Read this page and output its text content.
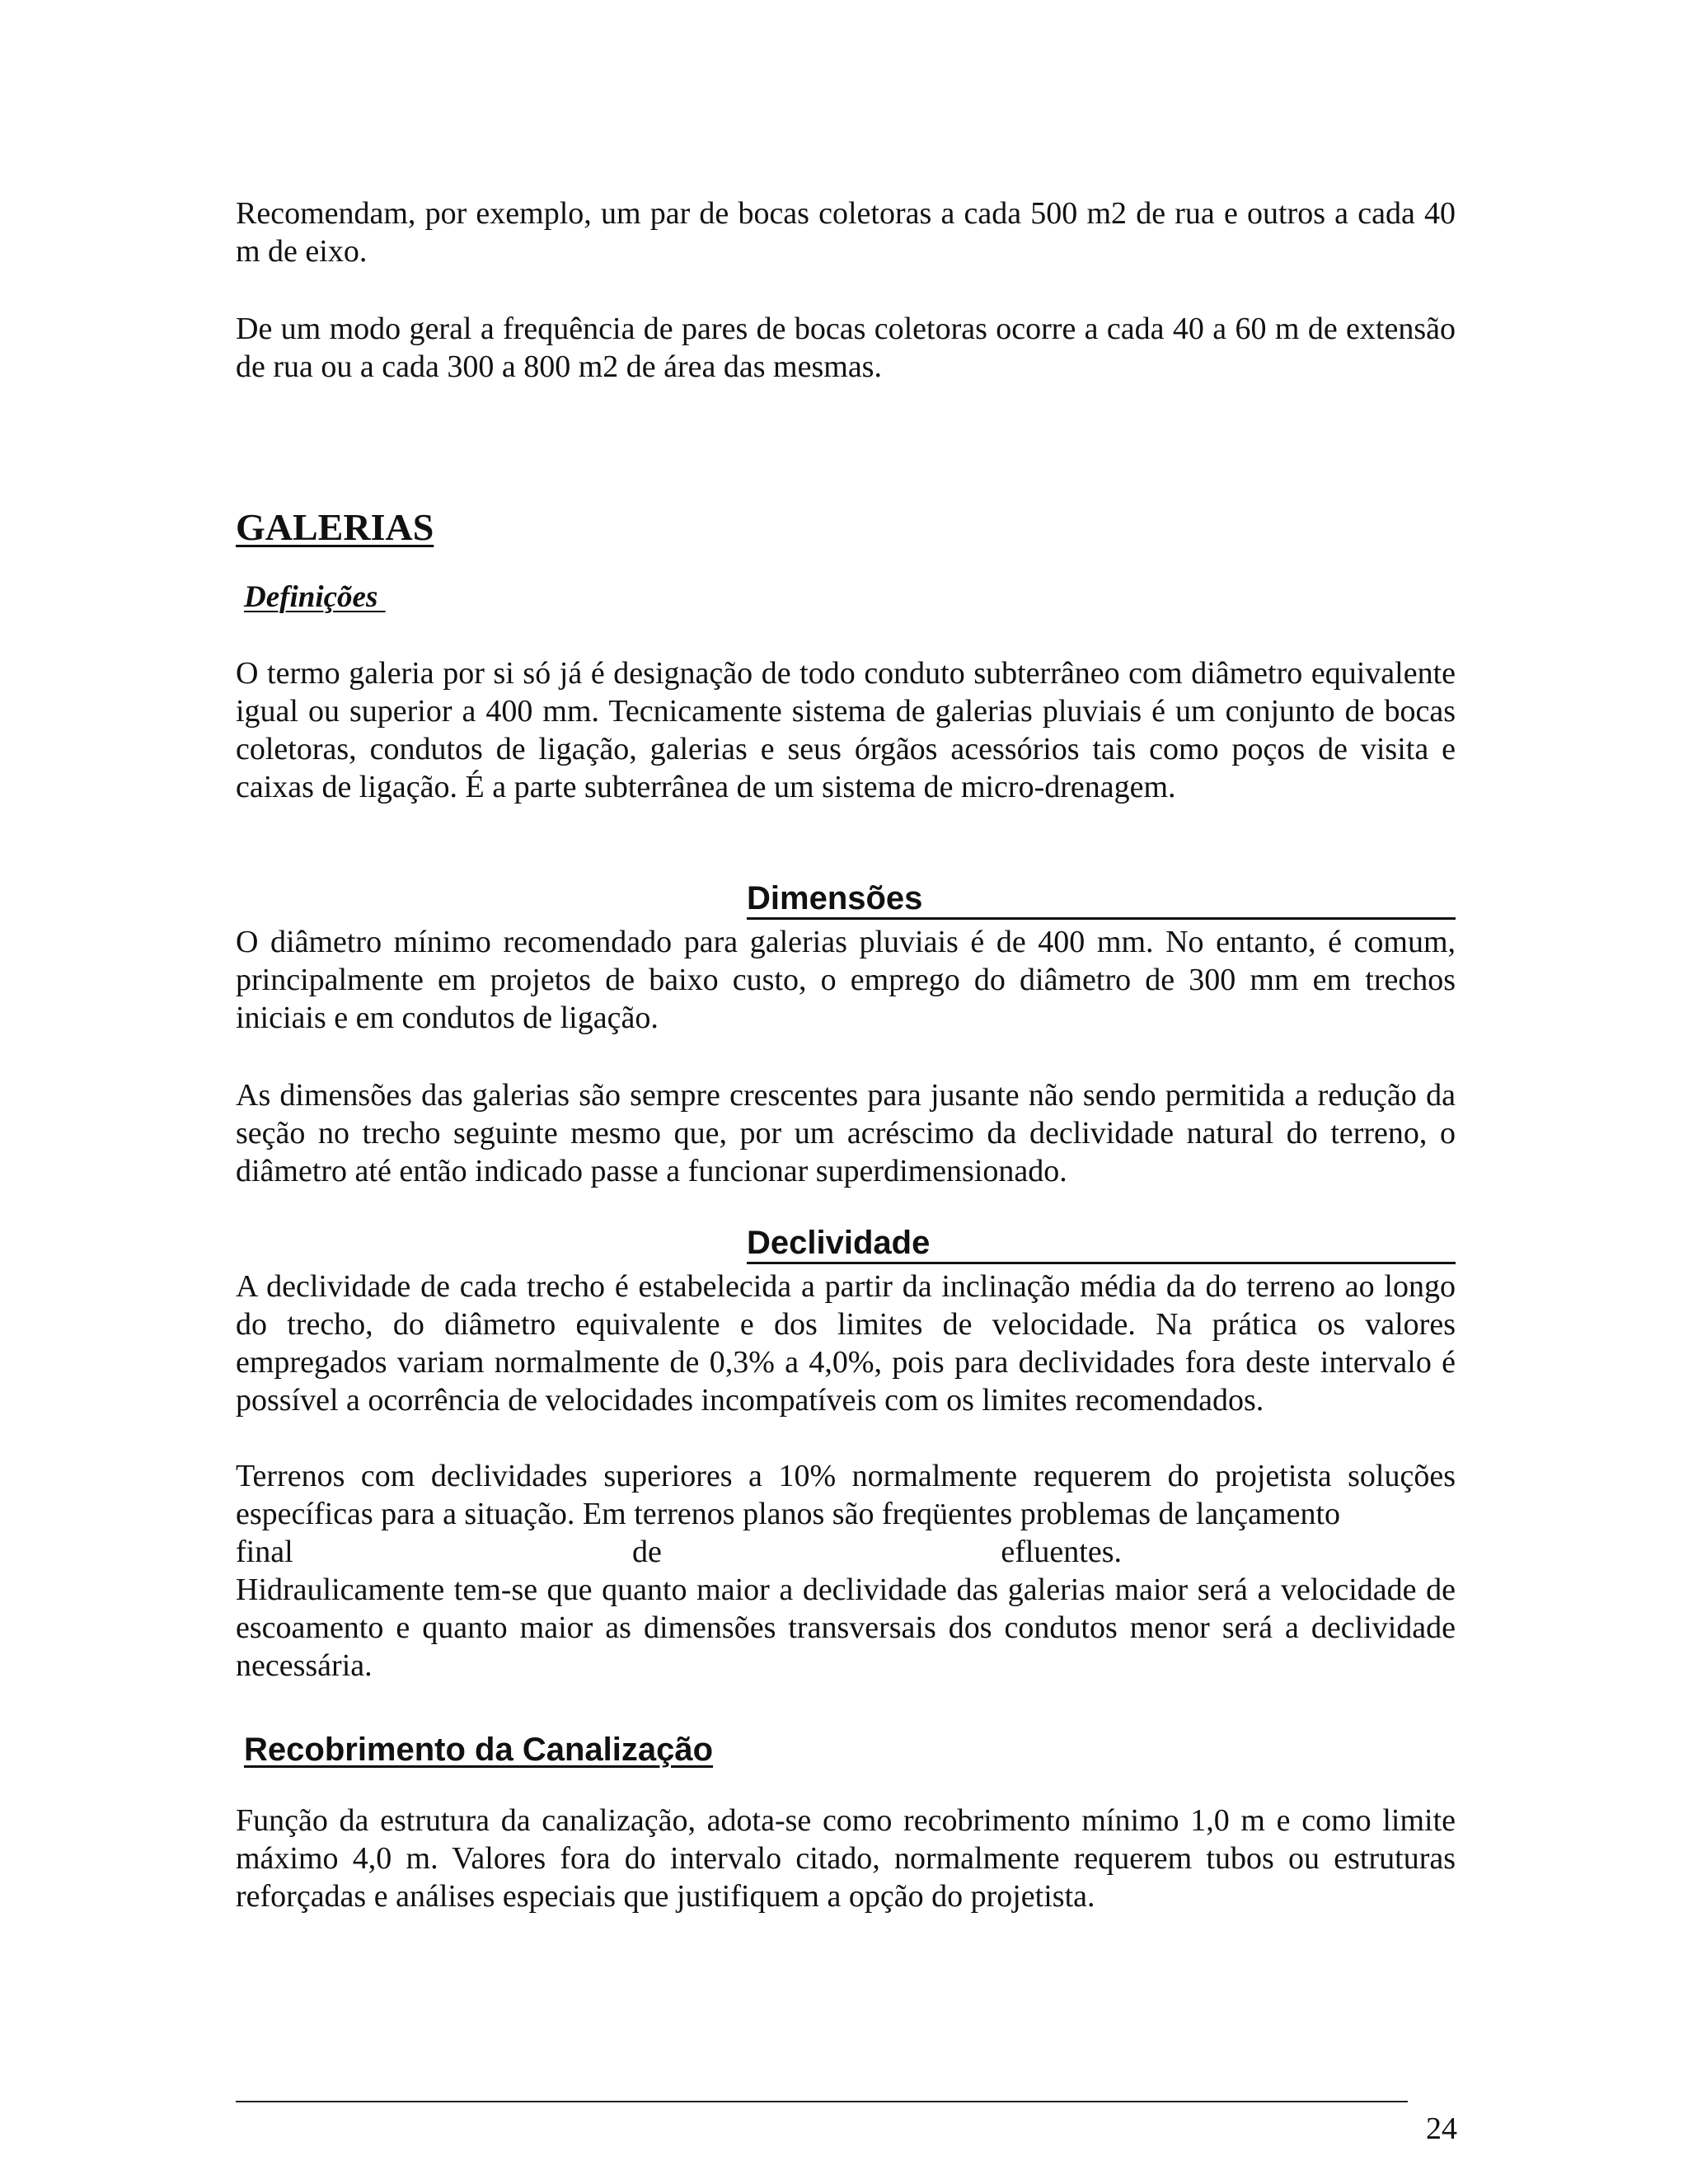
Recomendam, por exemplo, um par de bocas coletoras a cada 500 m2 de rua e outros a cada 40 m de eixo.

De um modo geral a frequência de pares de bocas coletoras ocorre a cada 40 a 60 m de extensão de rua ou a cada 300 a 800 m2 de área das mesmas.

GALERIAS
Definições

O termo galeria por si só já é designação de todo conduto subterrâneo com diâmetro equivalente igual ou superior a 400 mm. Tecnicamente sistema de galerias pluviais é um conjunto de bocas coletoras, condutos de ligação, galerias e seus órgãos acessórios tais como poços de visita e caixas de ligação. É a parte subterrânea de um sistema de micro-drenagem.

Dimensões

O diâmetro mínimo recomendado para galerias pluviais é de 400 mm. No entanto, é comum, principalmente em projetos de baixo custo, o emprego do diâmetro de 300 mm em trechos iniciais e em condutos de ligação.

As dimensões das galerias são sempre crescentes para jusante não sendo permitida a redução da seção no trecho seguinte mesmo que, por um acréscimo da declividade natural do terreno, o diâmetro até então indicado passe a funcionar superdimensionado.

Declividade

A declividade de cada trecho é estabelecida a partir da inclinação média da do terreno ao longo do trecho, do diâmetro equivalente e dos limites de velocidade. Na prática os valores empregados variam normalmente de 0,3% a 4,0%, pois para declividades fora deste intervalo é possível a ocorrência de velocidades incompatíveis com os limites recomendados.

Terrenos com declividades superiores a 10% normalmente requerem do projetista soluções específicas para a situação. Em terrenos planos são freqüentes problemas de lançamento

final	de	efluentes.

Hidraulicamente tem-se que quanto maior a declividade das galerias maior será a velocidade de escoamento e quanto maior as dimensões transversais dos condutos menor será a declividade necessária.

Recobrimento da Canalização

Função da estrutura da canalização, adota-se como recobrimento mínimo 1,0 m e como limite máximo 4,0 m. Valores fora do intervalo citado, normalmente requerem tubos ou estruturas reforçadas e análises especiais que justifiquem a opção do projetista.

24
